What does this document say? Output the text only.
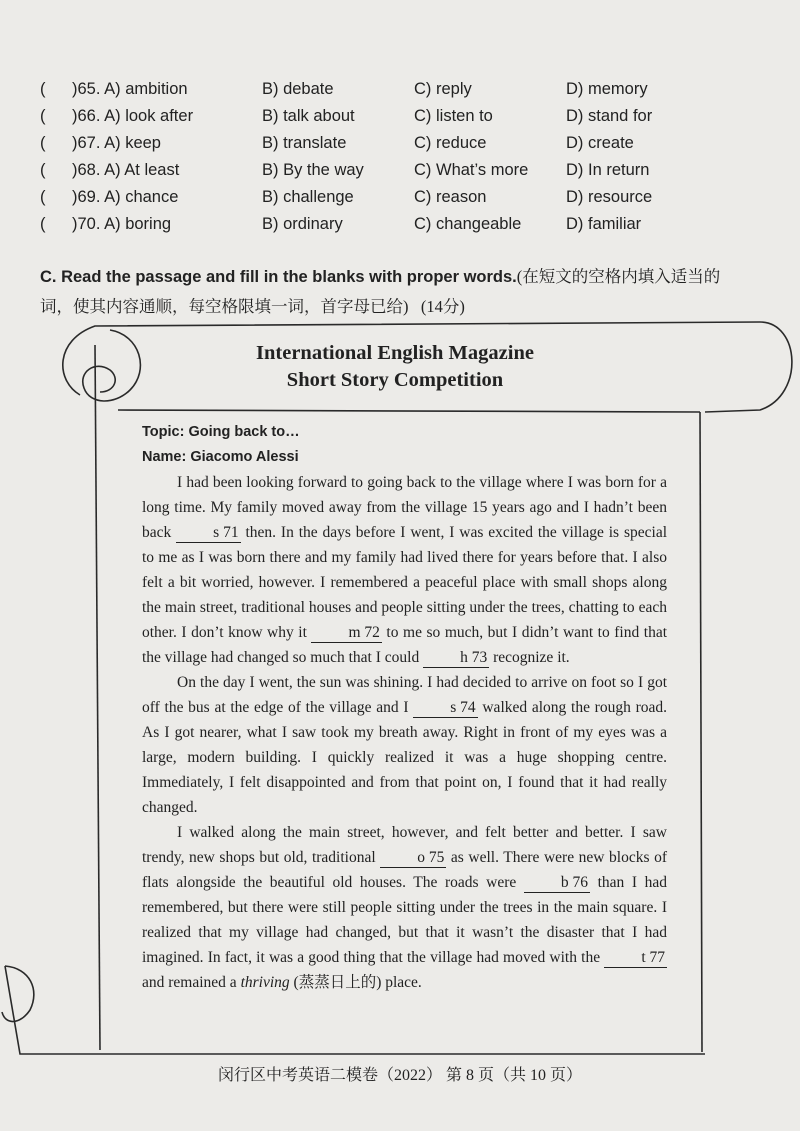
(	)65. A) ambition	B) debate	C) reply	D) memory
(	)66. A) look after	B) talk about	C) listen to	D) stand for
(	)67. A) keep	B) translate	C) reduce	D) create
(	)68. A) At least	B) By the way	C) What’s more	D) In return
(	)69. A) chance	B) challenge	C) reason	D) resource
(	)70. A) boring	B) ordinary	C) changeable	D) familiar
C. Read the passage and fill in the blanks with proper words.(在短文的空格内填入适当的词，使其内容通顺，每空格限填一词，首字母已给) (14分)
International English Magazine
Short Story Competition
Topic: Going back to…
Name: Giacomo Alessi

I had been looking forward to going back to the village where I was born for a long time. My family moved away from the village 15 years ago and I hadn’t been back s 71 then. In the days before I went, I was excited the village is special to me as I was born there and my family had lived there for years before that. I also felt a bit worried, however. I remembered a peaceful place with small shops along the main street, traditional houses and people sitting under the trees, chatting to each other. I don’t know why it m 72 to me so much, but I didn’t want to find that the village had changed so much that I could h 73 recognize it.

On the day I went, the sun was shining. I had decided to arrive on foot so I got off the bus at the edge of the village and I s 74 walked along the rough road. As I got nearer, what I saw took my breath away. Right in front of my eyes was a large, modern building. I quickly realized it was a huge shopping centre. Immediately, I felt disappointed and from that point on, I found that it had really changed.

I walked along the main street, however, and felt better and better. I saw trendy, new shops but old, traditional o 75 as well. There were new blocks of flats alongside the beautiful old houses. The roads were b 76 than I had remembered, but there were still people sitting under the trees in the main square. I realized that my village had changed, but that it wasn’t the disaster that I had imagined. In fact, it was a good thing that the village had moved with the t 77 and remained a thriving (蒸蒸日上的) place.

闵行区中考英语二模卷（2022） 第 8 页（共 10 页）
